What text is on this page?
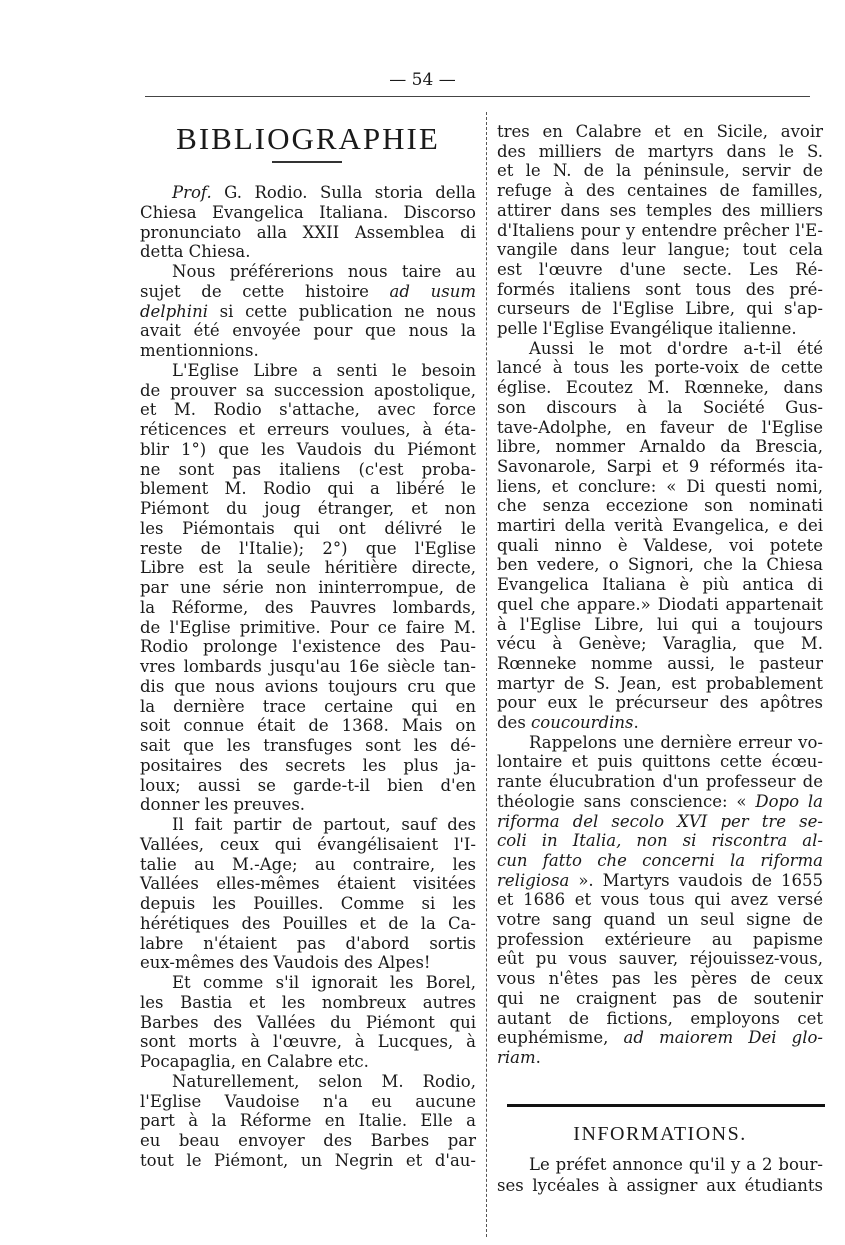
— 54 —
BIBLIOGRAPHIE
Prof. G. Rodio. Sulla storia della
Chiesa Evangelica Italiana. Discorso
pronunciato alla XXII Assemblea di
detta Chiesa.
Nous préférerions nous taire au
sujet de cette histoire ad usum
delphini si cette publication ne nous
avait été envoyée pour que nous la
mentionnions.
L'Eglise Libre a senti le besoin
de prouver sa succession apostolique,
et M. Rodio s'attache, avec force
réticences et erreurs voulues, à éta-
blir 1°) que les Vaudois du Piémont
ne sont pas italiens (c'est proba-
blement M. Rodio qui a libéré le
Piémont du joug étranger, et non
les Piémontais qui ont délivré le
reste de l'Italie); 2°) que l'Eglise
Libre est la seule héritière directe,
par une série non ininterrompue, de
la Réforme, des Pauvres lombards,
de l'Eglise primitive. Pour ce faire M.
Rodio prolonge l'existence des Pau-
vres lombards jusqu'au 16e siècle tan-
dis que nous avions toujours cru que
la dernière trace certaine qui en
soit connue était de 1368. Mais on
sait que les transfuges sont les dé-
positaires des secrets les plus ja-
loux; aussi se garde-t-il bien d'en
donner les preuves.
Il fait partir de partout, sauf des
Vallées, ceux qui évangélisaient l'I-
talie au M.-Age; au contraire, les
Vallées elles-mêmes étaient visitées
depuis les Pouilles. Comme si les
hérétiques des Pouilles et de la Ca-
labre n'étaient pas d'abord sortis
eux-mêmes des Vaudois des Alpes!
Et comme s'il ignorait les Borel,
les Bastia et les nombreux autres
Barbes des Vallées du Piémont qui
sont morts à l'œuvre, à Lucques, à
Pocapaglia, en Calabre etc.
Naturellement, selon M. Rodio,
l'Eglise Vaudoise n'a eu aucune
part à la Réforme en Italie. Elle a
eu beau envoyer des Barbes par
tout le Piémont, un Negrin et d'au-
tres en Calabre et en Sicile, avoir
des milliers de martyrs dans le S.
et le N. de la péninsule, servir de
refuge à des centaines de familles,
attirer dans ses temples des milliers
d'Italiens pour y entendre prêcher l'E-
vangile dans leur langue; tout cela
est l'œuvre d'une secte. Les Ré-
formés italiens sont tous des pré-
curseurs de l'Eglise Libre, qui s'ap-
pelle l'Eglise Evangélique italienne.
Aussi le mot d'ordre a-t-il été
lancé à tous les porte-voix de cette
église. Ecoutez M. Rœnneke, dans
son discours à la Société Gus-
tave-Adolphe, en faveur de l'Eglise
libre, nommer Arnaldo da Brescia,
Savonarole, Sarpi et 9 réformés ita-
liens, et conclure: « Di questi nomi,
che senza eccezione son nominati
martiri della verità Evangelica, e dei
quali ninno è Valdese, voi potete
ben vedere, o Signori, che la Chiesa
Evangelica Italiana è più antica di
quel che appare.» Diodati appartenait
à l'Eglise Libre, lui qui a toujours
vécu à Genève; Varaglia, que M.
Rœnneke nomme aussi, le pasteur
martyr de S. Jean, est probablement
pour eux le précurseur des apôtres
des coucourdins.
Rappelons une dernière erreur vo-
lontaire et puis quittons cette écœu-
rante élucubration d'un professeur de
théologie sans conscience: « Dopo la
riforma del secolo XVI per tre se-
coli in Italia, non si riscontra al-
cun fatto che concerni la riforma
religiosa ». Martyrs vaudois de 1655
et 1686 et vous tous qui avez versé
votre sang quand un seul signe de
profession extérieure au papisme
eût pu vous sauver, réjouissez-vous,
vous n'êtes pas les pères de ceux
qui ne craignent pas de soutenir
autant de fictions, employons cet
euphémisme, ad maiorem Dei glo-
riam.
INFORMATIONS.
Le préfet annonce qu'il y a 2 bour-
ses lycéales à assigner aux étudiants
